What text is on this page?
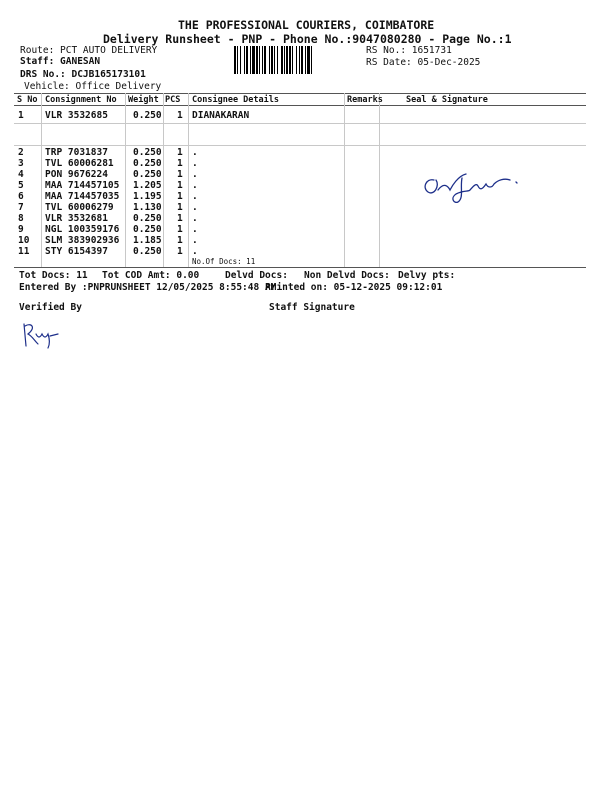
THE PROFESSIONAL COURIERS, COIMBATORE
Delivery Runsheet - PNP - Phone No.:9047080280 - Page No.:1
Route: PCT AUTO DELIVERY
Staff: GANESAN
DRS No.: DCJB165173101
Vehicle: Office Delivery
RS No.: 1651731
RS Date: 05-Dec-2025
S No Consignment No Weight PCS Consignee Details	Remarks	Seal & Signature
1 VLR 3532685	0.250 1 DIANAKARAN
2 TRP 7031837	0.250 1 .
3 TVL 60006281 0.250 1 .
4 PON 9676224	0.250 1 .
5 MAA 714457105 1.205 1 .
6 MAA 714457035 1.195 1 .
7 TVL 60006279 1.130 1 .
8 VLR 3532681	0.250 1 .
9 NGL 100359176 0.250 1 .
10 SLM 383902936 1.185 1 .
11 STY 6154397	0.250 1 .
No.Of Docs: 11
Tot Docs: 11 Tot COD Amt: 0.00	Delvd Docs: Non Delvd Docs: Delvy pts:
Entered By :PNPRUNSHEET 12/05/2025 8:55:48 AM
Printed on: 05-12-2025 09:12:01
Verified By	Staff Signature
